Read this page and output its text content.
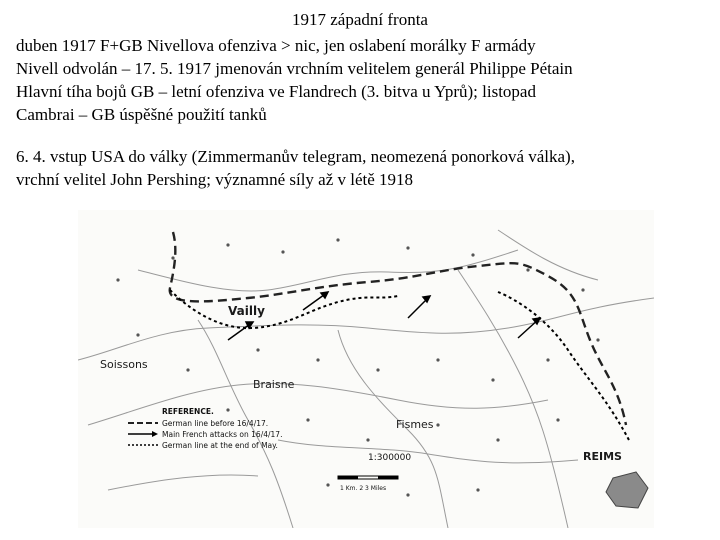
1917 západní fronta
duben 1917 F+GB Nivellova ofenziva > nic, jen oslabení morálky F armády
Nivell odvolán – 17. 5. 1917 jmenován vrchním velitelem generál Philippe Pétain
Hlavní tíha bojů GB – letní ofenziva ve Flandrech (3. bitva u Yprů); listopad
Cambrai – GB úspěšné použití tanků
6. 4. vstup USA do války (Zimmermanův telegram, neomezená ponorková válka),
vrchní velitel John Pershing; významné síly až v létě 1918
Soissons
Vailly
Braisne
Fismes
REIMS
REFERENCE.
German line before 16/4/17.
Main French attacks on 16/4/17.
German line at the end of May.
1:300000
1 Km. 2 3 Miles
